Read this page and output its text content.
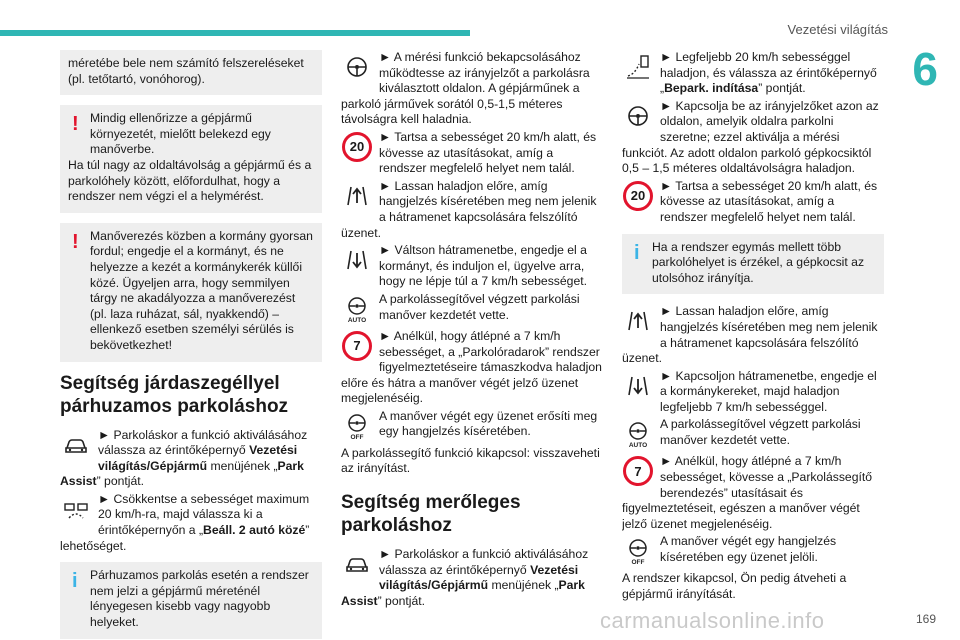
Vezetési világítás
6

méretébe bele nem számító felszereléseket (pl. tetőtartó, vonóhorog).

! Mindig ellenőrizze a gépjármű környezetét, mielőtt belekezd egy manőverbe.

Ha túl nagy az oldaltávolság a gépjármű és a parkolóhely között, előfordulhat, hogy a rendszer nem végzi el a helymérést.

! Manőverezés közben a kormány gyorsan fordul; engedje el a kormányt, és ne helyezze a kezét a kormánykerék küllői közé. Ügyeljen arra, hogy semmilyen tárgy ne akadályozza a manőverezést (pl. laza ruházat, sál, nyakkendő) – ellenkező esetben személyi sérülés is bekövetkezhet!

Segítség járdaszegéllyel párhuzamos parkoláshoz
► Parkoláskor a funkció aktiválásához válassza az érintőképernyő Vezetési világítás/Gépjármű menüjének „Park Assist” pontját.
► Csökkentse a sebességet maximum 20 km/h-ra, majd válassza ki a érintőképernyőn a „Beáll. 2 autó közé” lehetőséget.
i	Párhuzamos parkolás esetén a rendszer nem jelzi a gépjármű méreténél lényegesen kisebb vagy nagyobb helyeket.

► A mérési funkció bekapcsolásához működtesse az irányjelzőt a parkolásra kiválasztott oldalon. A gépjárműnek a parkoló járművek sorától 0,5-1,5 méteres távolságra kell haladnia.
20
► Tartsa a sebességet 20 km/h alatt, és kövesse az utasításokat, amíg a rendszer megfelelő helyet nem talál.
► Lassan haladjon előre, amíg hangjelzés kíséretében meg nem jelenik a hátramenet kapcsolására felszólító üzenet.
► Váltson hátramenetbe, engedje el a kormányt, és induljon el, ügyelve arra, hogy ne lépje túl a 7 km/h sebességet.
AUTO
A parkolássegítővel végzett parkolási manőver kezdetét vette.
7
► Anélkül, hogy átlépné a 7 km/h sebességet, a „Parkolóradarok” rendszer figyelmeztetéseire támaszkodva haladjon előre és hátra a manőver végét jelző üzenet megjelenéséig.
OFF
A manőver végét egy üzenet erősíti meg egy hangjelzés kíséretében.

A parkolássegítő funkció kikapcsol: visszaveheti az irányítást.

Segítség merőleges parkoláshoz
► Parkoláskor a funkció aktiválásához válassza az érintőképernyő Vezetési világítás/Gépjármű menüjének „Park Assist” pontját.
► Legfeljebb 20 km/h sebességgel haladjon, és válassza az érintőképernyő „Bepark. indítása” pontját.
► Kapcsolja be az irányjelzőket azon az oldalon, amelyik oldalra parkolni szeretne; ezzel aktiválja a mérési funkciót. Az adott oldalon parkoló gépkocsiktól 0,5 – 1,5 méteres oldaltávolságra haladjon.
20
► Tartsa a sebességet 20 km/h alatt, és kövesse az utasításokat, amíg a rendszer megfelelő helyet nem talál.
i	Ha a rendszer egymás mellett több parkolóhelyet is érzékel, a gépkocsit az utolsóhoz irányítja.

► Lassan haladjon előre, amíg hangjelzés kíséretében meg nem jelenik a hátramenet kapcsolására felszólító üzenet.
► Kapcsoljon hátramenetbe, engedje el a kormánykereket, majd haladjon legfeljebb 7 km/h sebességgel.
AUTO
A parkolássegítővel végzett parkolási manőver kezdetét vette.
7
► Anélkül, hogy átlépné a 7 km/h sebességet, kövesse a „Parkolássegítő berendezés” utasításait és figyelmeztetéseit, egészen a manőver végét jelző üzenet megjelenéséig.
OFF
A manőver végét egy hangjelzés kíséretében egy üzenet jelöli.

A rendszer kikapcsol, Ön pedig átveheti a gépjármű irányítását.

carmanualsonline.info	169
